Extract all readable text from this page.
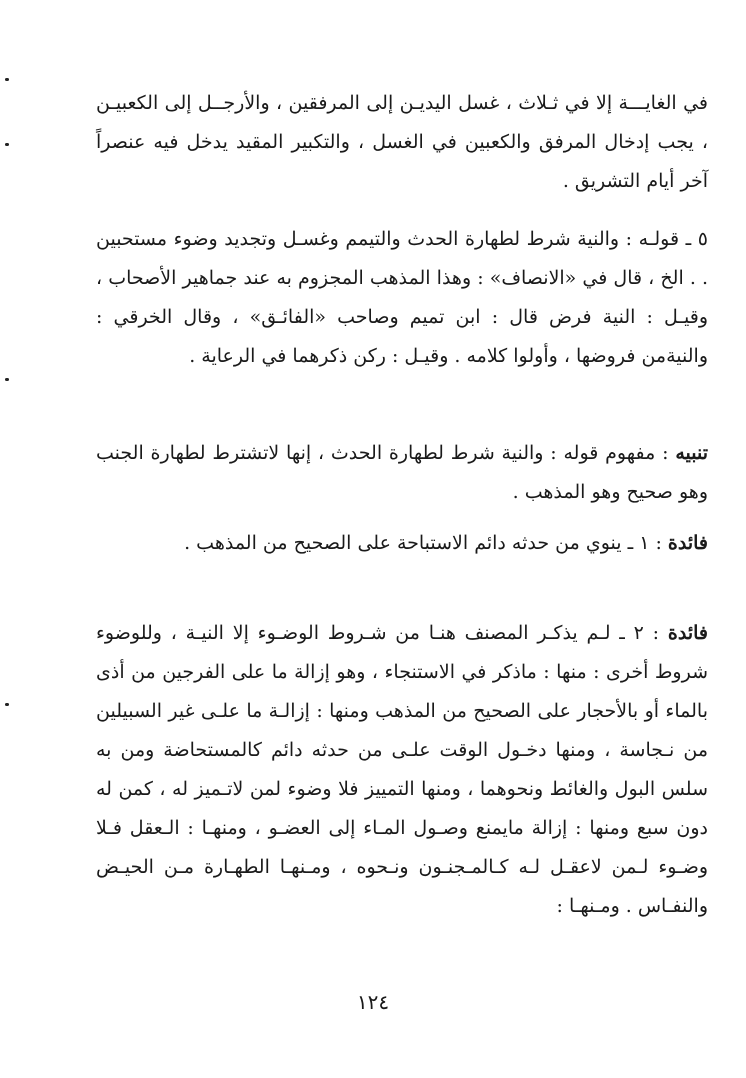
في الغايـــة إلا في ثـلاث ، غسل اليديـن إلى المرفقين ، والأرجــل إلى الكعبيـن ، يجب إدخال المرفق والكعبين في الغسل ، والتكبير المقيد يدخل فيه عنصراً آخر أيام التشريق .
٥ ـ قولـه : والنية شرط لطهارة الحدث والتيمم وغسـل وتجديد وضوء مستحبين . . الخ ، قال في «الانصاف» : وهذا المذهب المجزوم به عند جماهير الأصحاب ، وقيـل : النية فرض قال : ابن تميم وصاحب «الفائـق» ، وقال الخرقي : والنيةمن فروضها ، وأولوا كلامه . وقيـل : ركن ذكرهما في الرعاية .
تنبيه : مفهوم قوله : والنية شرط لطهارة الحدث ، إنها لاتشترط لطهارة الجنب وهو صحيح وهو المذهب .
فائدة : ١ ـ ينوي من حدثه دائم الاستباحة على الصحيح من المذهب .
فائدة : ٢ ـ لـم يذكـر المصنف هنـا من شـروط الوضـوء إلا النيـة ، وللوضوء شروط أخرى : منها : ماذكر في الاستنجاء ، وهو إزالة ما على الفرجين من أذى بالماء أو بالأحجار على الصحيح من المذهب ومنها : إزالـة ما علـى غير السبيلين من نـجاسة ، ومنها دخـول الوقت علـى من حدثه دائم كالمستحاضة ومن به سلس البول والغائط ونحوهما ، ومنها التمييز فلا وضوء لمن لاتـميز له ، كمن له دون سبع ومنها : إزالة مايمنع وصـول المـاء إلى العضـو ، ومنهـا : الـعقل فـلا وضـوء لـمن لاعقـل لـه كـالمـجنـون ونـحوه ، ومـنهـا الطهـارة مـن الحيـض والنفـاس . ومـنهـا :
١٢٤
